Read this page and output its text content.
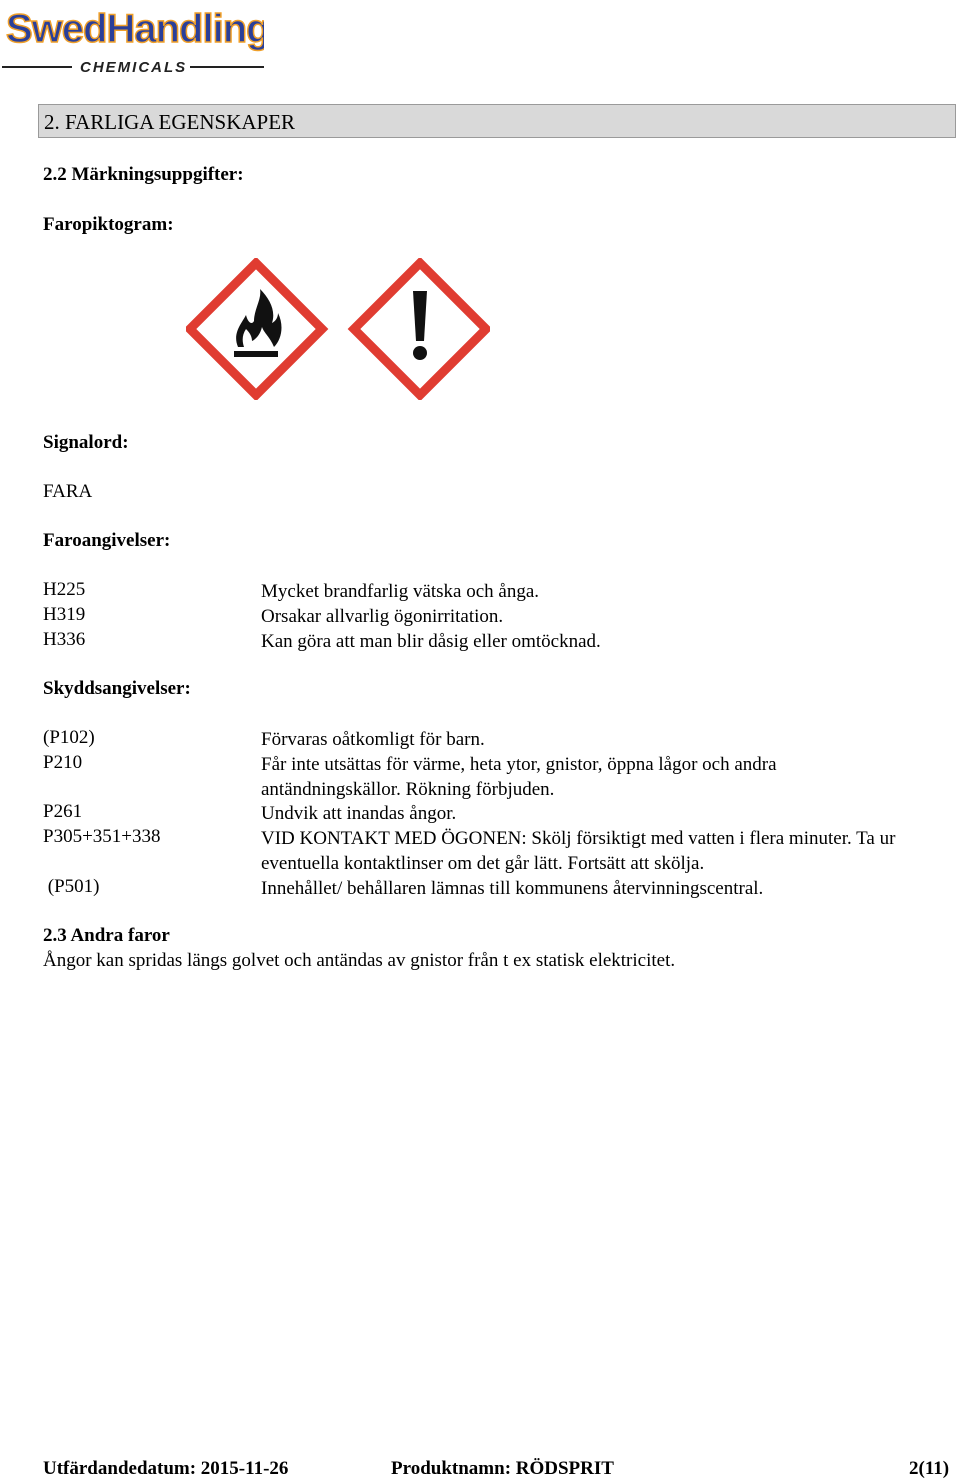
SwedHandling
CHEMICALS
2. FARLIGA EGENSKAPER
2.2 Märkningsuppgifter:
Faropiktogram:
Signalord:
FARA
Faroangivelser:
H225	Mycket brandfarlig vätska och ånga.
H319	Orsakar allvarlig ögonirritation.
H336	Kan göra att man blir dåsig eller omtöcknad.
Skyddsangivelser:
(P102)	Förvaras oåtkomligt för barn.
P210	Får inte utsättas för värme, heta ytor, gnistor, öppna lågor och andra antändningskällor. Rökning förbjuden.
P261	Undvik att inandas ångor.
P305+351+338	VID KONTAKT MED ÖGONEN: Skölj försiktigt med vatten i flera minuter. Ta ur eventuella kontaktlinser om det går lätt. Fortsätt att skölja.
(P501)	Innehållet/ behållaren lämnas till kommunens återvinningscentral.
2.3 Andra faror
Ångor kan spridas längs golvet och antändas av gnistor från t ex statisk elektricitet.
Utfärdandedatum: 2015-11-26	Produktnamn: RÖDSPRIT	2(11)
